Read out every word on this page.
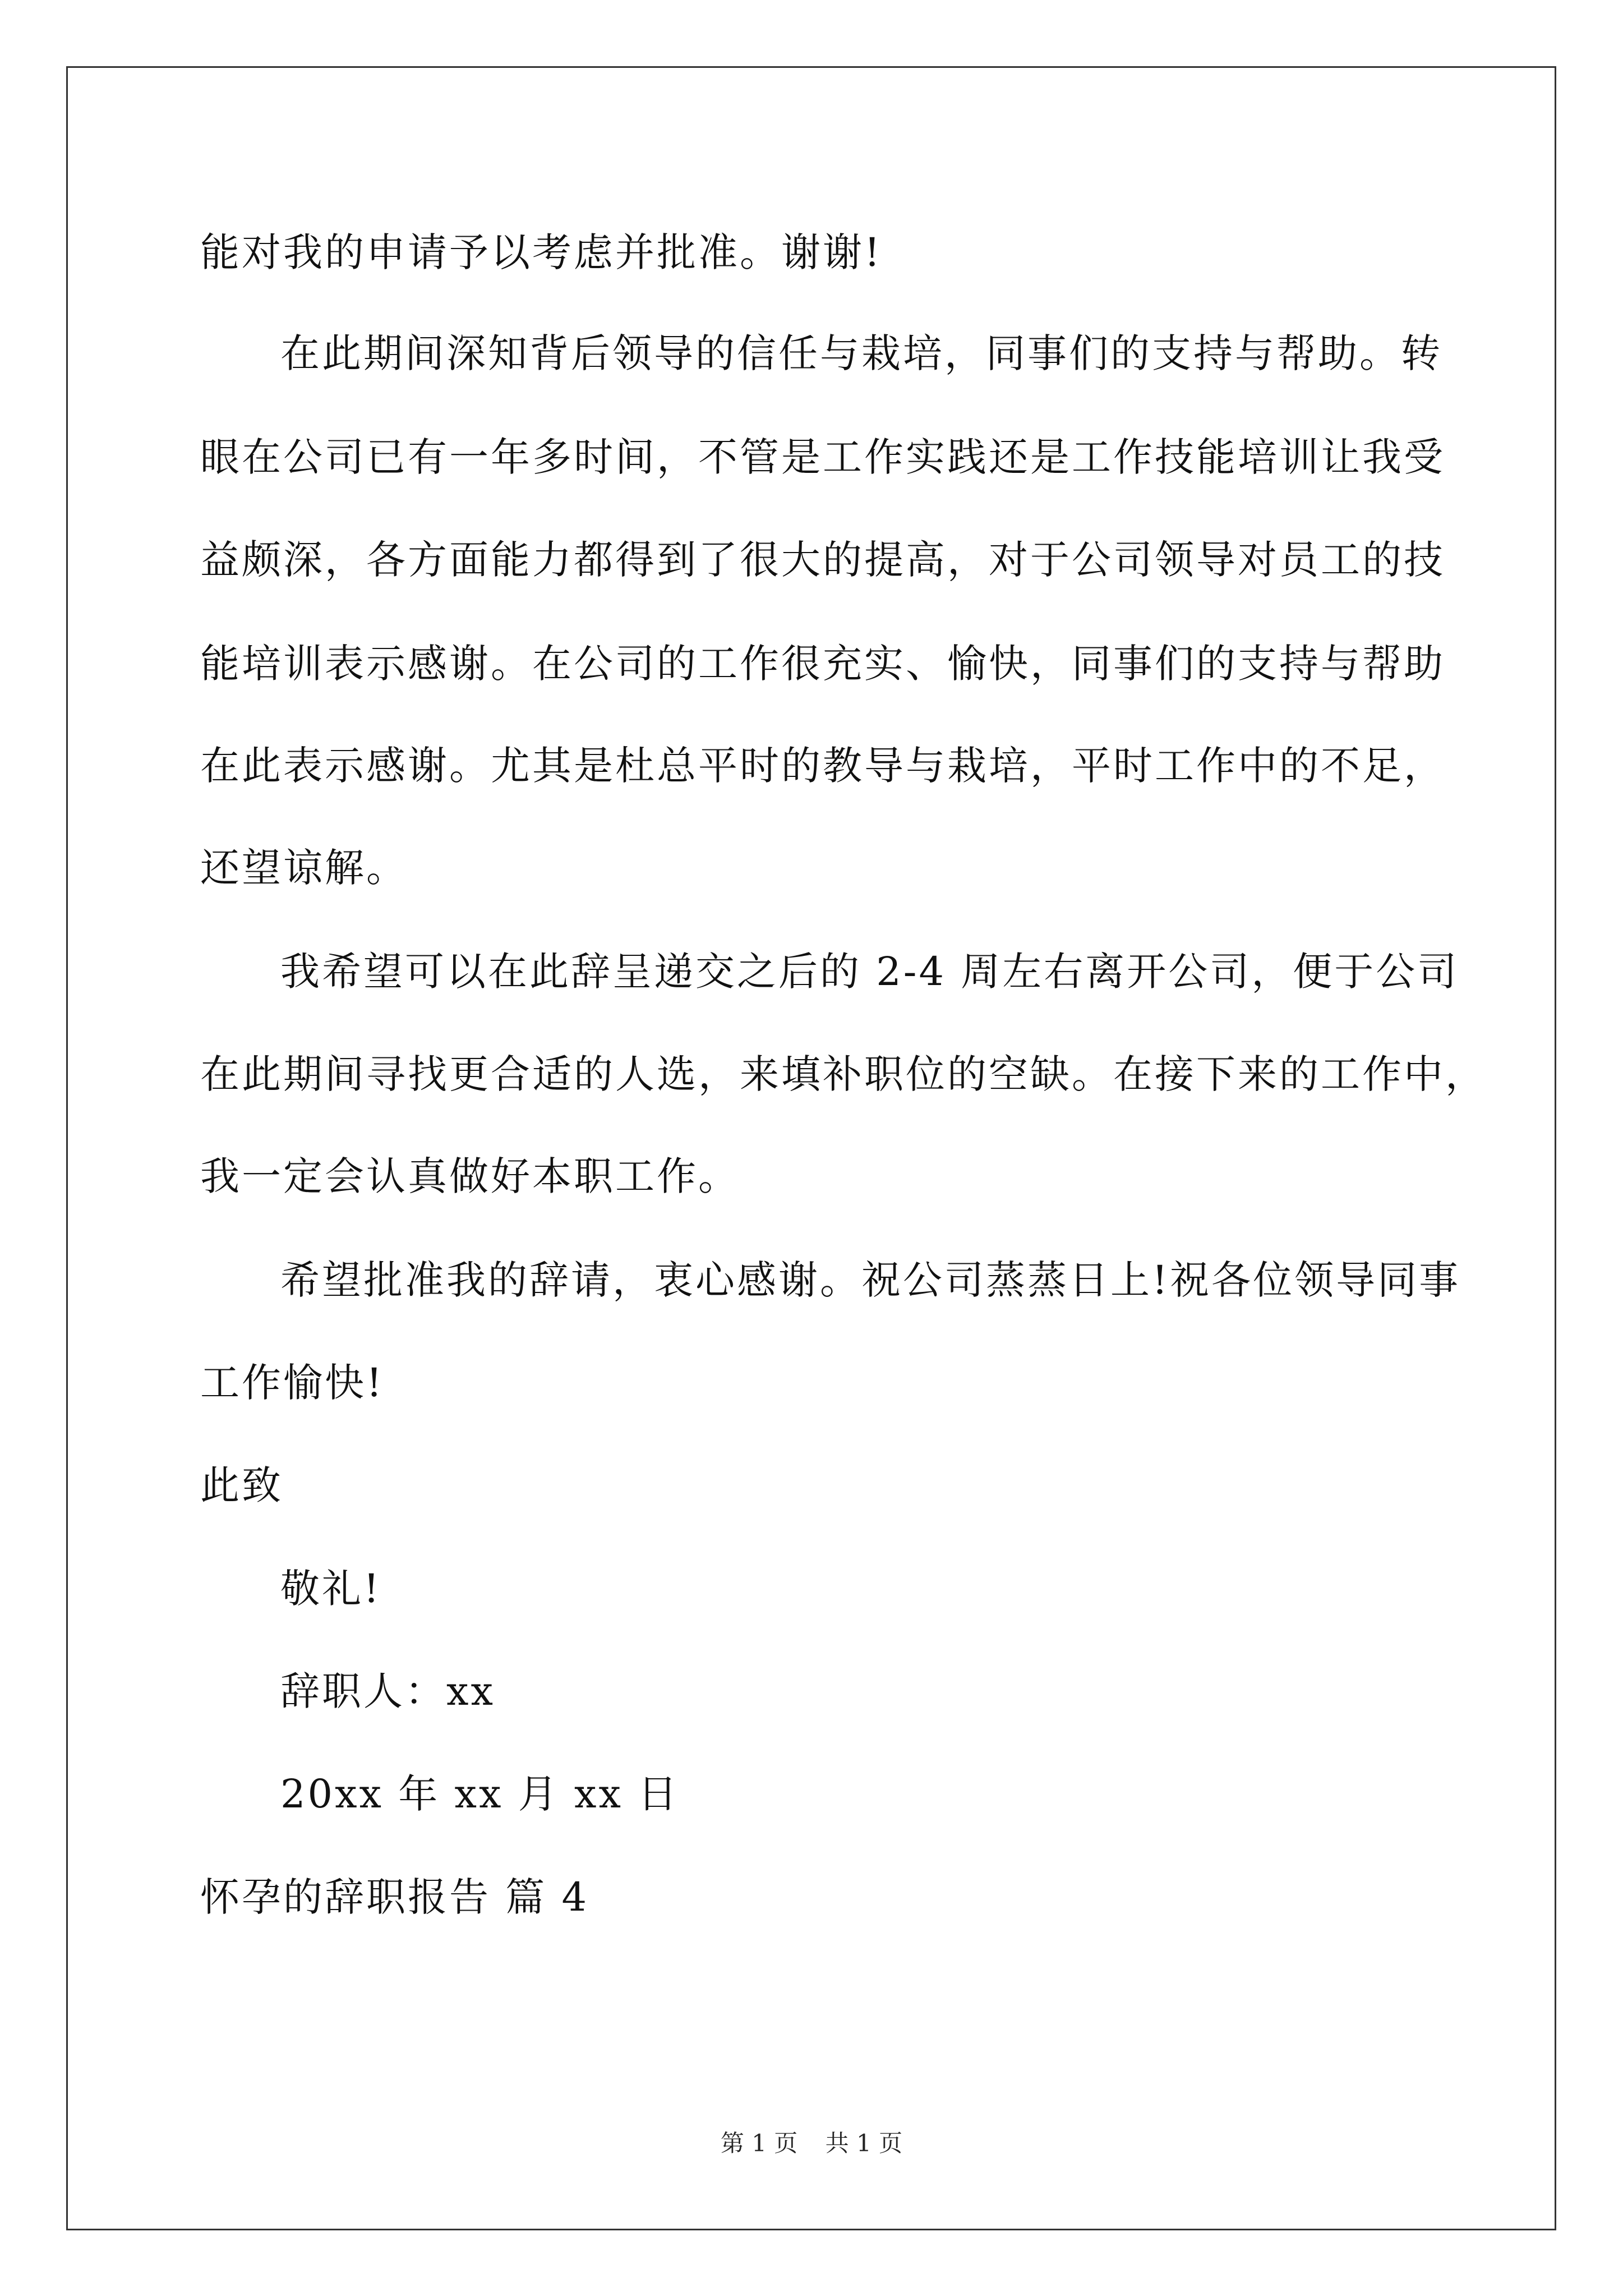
能对我的申请予以考虑并批准。谢谢!
在此期间深知背后领导的信任与栽培，同事们的支持与帮助。转
眼在公司已有一年多时间，不管是工作实践还是工作技能培训让我受
益颇深，各方面能力都得到了很大的提高，对于公司领导对员工的技
能培训表示感谢。在公司的工作很充实、愉快，同事们的支持与帮助
在此表示感谢。尤其是杜总平时的教导与栽培，平时工作中的不足，
还望谅解。
我希望可以在此辞呈递交之后的 2-4 周左右离开公司，便于公司
在此期间寻找更合适的人选，来填补职位的空缺。在接下来的工作中，
我一定会认真做好本职工作。
希望批准我的辞请，衷心感谢。祝公司蒸蒸日上!祝各位领导同事
工作愉快!
此致
敬礼!
辞职人：xx
20xx 年 xx 月 xx 日
怀孕的辞职报告 篇 4
第 1 页 共 1 页
